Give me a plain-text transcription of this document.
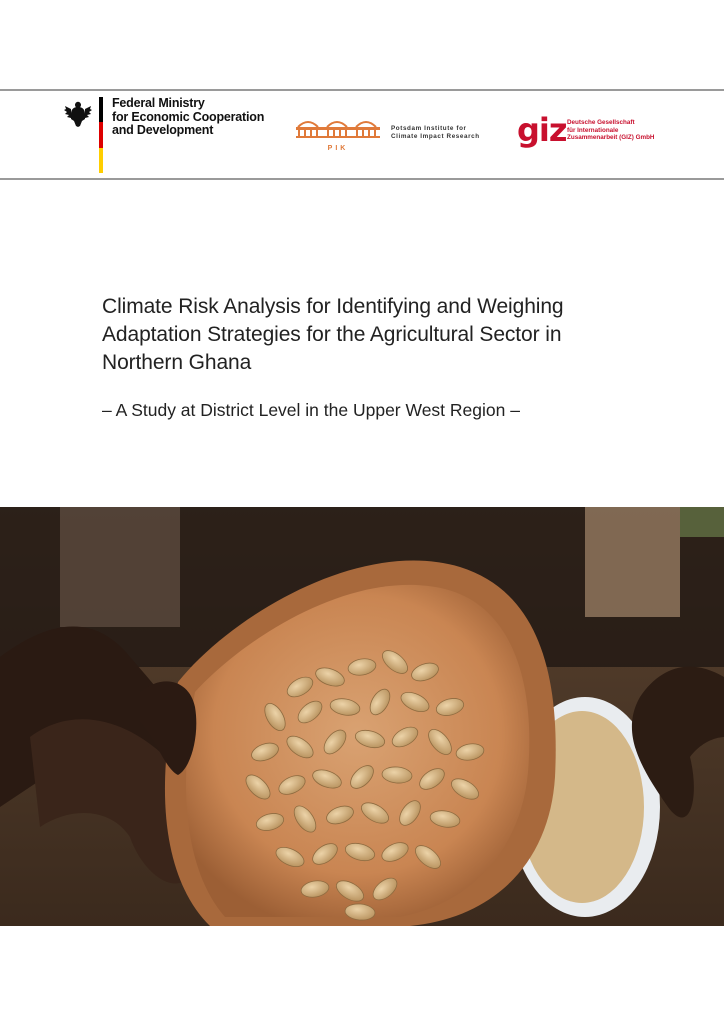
Federal Ministry
for Economic Cooperation
and Development
PIK
Potsdam Institute for
Climate Impact Research giz Deutsche Gesellschaft
für Internationale
Zusammenarbeit (GIZ) GmbH
Climate Risk Analysis for Identifying and Weighing
Adaptation Strategies for the Agricultural Sector in
Northern Ghana
– A Study at District Level in the Upper West Region –
